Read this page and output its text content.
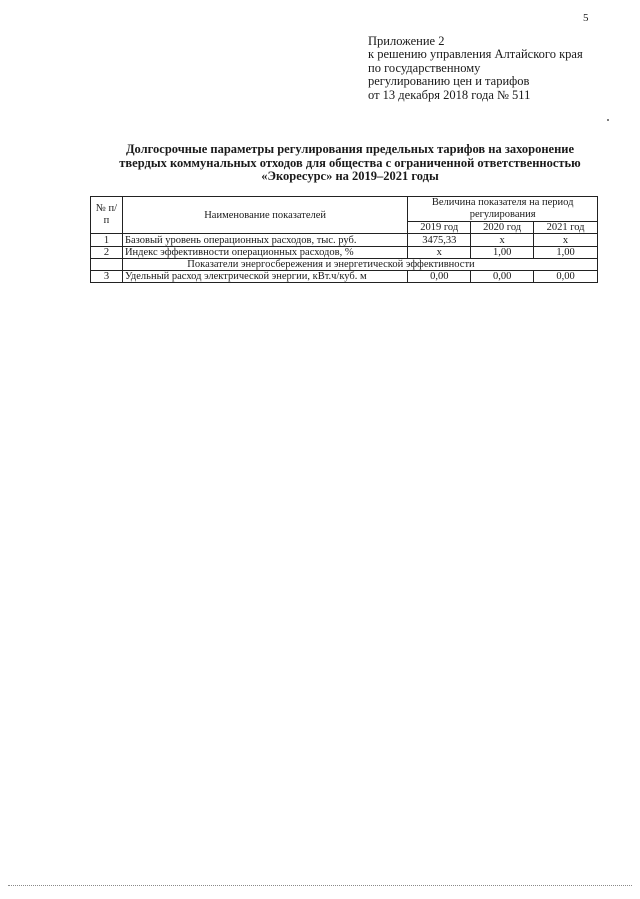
5
Приложение 2
к решению управления Алтайского края
по государственному
регулированию цен и тарифов
от 13 декабря 2018 года № 511
Долгосрочные параметры регулирования предельных тарифов на захоронение
твердых коммунальных отходов для общества с ограниченной ответственностью
«Экоресурс» на 2019–2021 годы
№ п/п	Наименование показателей	Величина показателя на период регулирования		
		2019 год	2020 год	2021 год
1	Базовый уровень операционных расходов, тыс. руб.	3475,33	x	x
2	Индекс эффективности операционных расходов, %	x	1,00	1,00
	Показатели энергосбережения и энергетической эффективности			
3	Удельный расход электрической энергии, кВт.ч/куб. м	0,00	0,00	0,00
